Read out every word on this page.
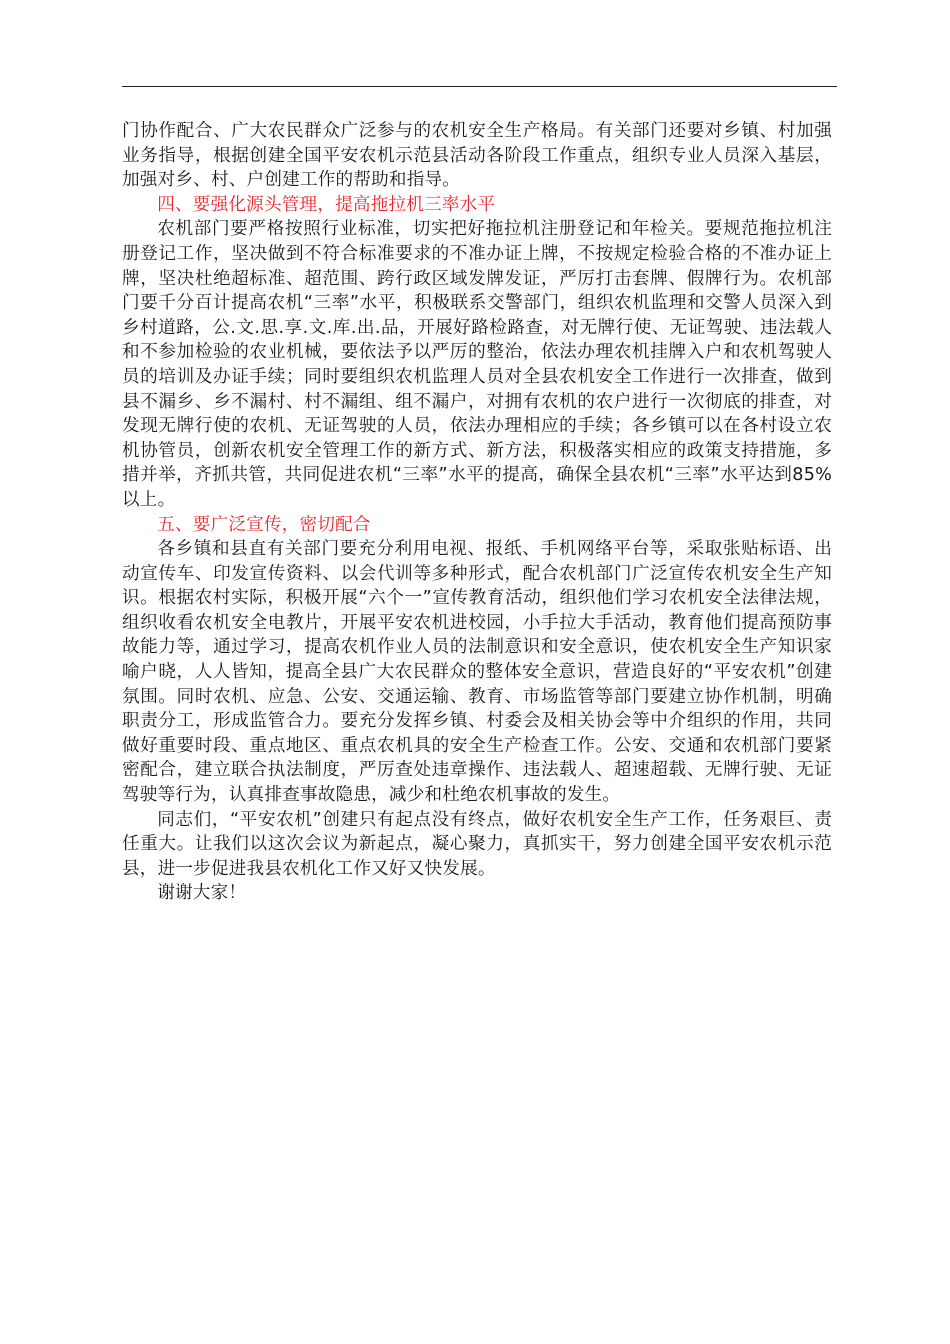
门协作配合、广大农民群众广泛参与的农机安全生产格局。有关部门还要对乡镇、村加强业务指导，根据创建全国平安农机示范县活动各阶段工作重点，组织专业人员深入基层，加强对乡、村、户创建工作的帮助和指导。

四、要强化源头管理，提高拖拉机三率水平

农机部门要严格按照行业标准，切实把好拖拉机注册登记和年检关。要规范拖拉机注册登记工作，坚决做到不符合标准要求的不准办证上牌，不按规定检验合格的不准办证上牌，坚决杜绝超标准、超范围、跨行政区域发牌发证，严厉打击套牌、假牌行为。农机部门要千分百计提高农机“三率”水平，积极联系交警部门，组织农机监理和交警人员深入到乡村道路，公.文.思.享.文.库.出.品，开展好路检路查，对无牌行使、无证驾驶、违法载人和不参加检验的农业机械，要依法予以严厉的整治，依法办理农机挂牌入户和农机驾驶人员的培训及办证手续；同时要组织农机监理人员对全县农机安全工作进行一次排查，做到县不漏乡、乡不漏村、村不漏组、组不漏户，对拥有农机的农户进行一次彻底的排查，对发现无牌行使的农机、无证驾驶的人员，依法办理相应的手续；各乡镇可以在各村设立农机协管员，创新农机安全管理工作的新方式、新方法，积极落实相应的政策支持措施，多措并举，齐抓共管，共同促进农机“三率”水平的提高，确保全县农机“三率”水平达到85%以上。

五、要广泛宣传，密切配合

各乡镇和县直有关部门要充分利用电视、报纸、手机网络平台等，采取张贴标语、出动宣传车、印发宣传资料、以会代训等多种形式，配合农机部门广泛宣传农机安全生产知识。根据农村实际，积极开展“六个一”宣传教育活动，组织他们学习农机安全法律法规，组织收看农机安全电教片，开展平安农机进校园，小手拉大手活动，教育他们提高预防事故能力等，通过学习，提高农机作业人员的法制意识和安全意识，使农机安全生产知识家喻户晓，人人皆知，提高全县广大农民群众的整体安全意识，营造良好的“平安农机”创建氛围。同时农机、应急、公安、交通运输、教育、市场监管等部门要建立协作机制，明确职责分工，形成监管合力。要充分发挥乡镇、村委会及相关协会等中介组织的作用，共同做好重要时段、重点地区、重点农机具的安全生产检查工作。公安、交通和农机部门要紧密配合，建立联合执法制度，严厉查处违章操作、违法载人、超速超载、无牌行驶、无证驾驶等行为，认真排查事故隐患，减少和杜绝农机事故的发生。

同志们，“平安农机”创建只有起点没有终点，做好农机安全生产工作，任务艰巨、责任重大。让我们以这次会议为新起点，凝心聚力，真抓实干，努力创建全国平安农机示范县，进一步促进我县农机化工作又好又快发展。

谢谢大家！
